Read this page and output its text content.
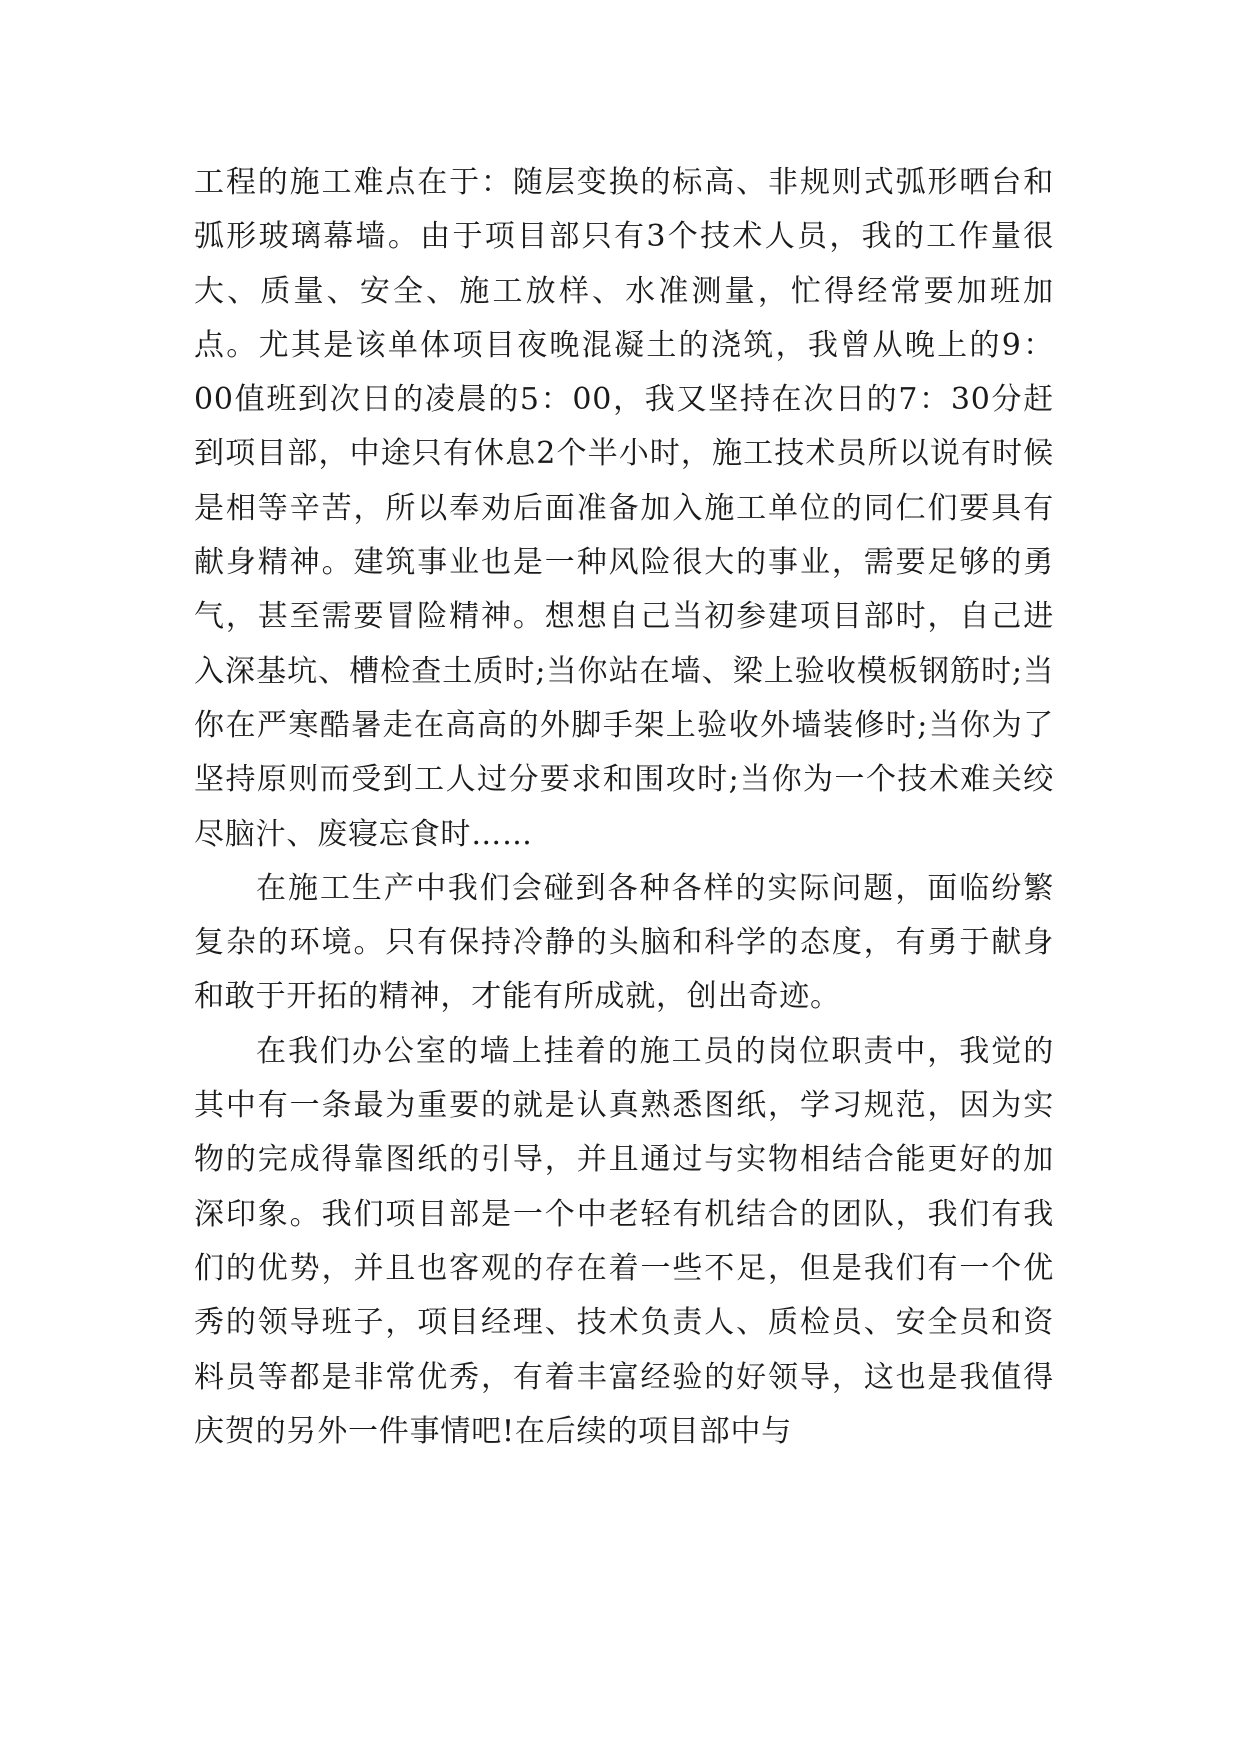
工程的施工难点在于：随层变换的标高、非规则式弧形晒台和弧形玻璃幕墙。由于项目部只有3个技术人员，我的工作量很大、质量、安全、施工放样、水准测量，忙得经常要加班加点。尤其是该单体项目夜晚混凝土的浇筑，我曾从晚上的9：00值班到次日的凌晨的5：00，我又坚持在次日的7：30分赶到项目部，中途只有休息2个半小时，施工技术员所以说有时候是相等辛苦，所以奉劝后面准备加入施工单位的同仁们要具有献身精神。建筑事业也是一种风险很大的事业，需要足够的勇气，甚至需要冒险精神。想想自己当初参建项目部时，自己进入深基坑、槽检查土质时;当你站在墙、梁上验收模板钢筋时;当你在严寒酷暑走在高高的外脚手架上验收外墙装修时;当你为了坚持原则而受到工人过分要求和围攻时;当你为一个技术难关绞尽脑汁、废寝忘食时……

在施工生产中我们会碰到各种各样的实际问题，面临纷繁复杂的环境。只有保持冷静的头脑和科学的态度，有勇于献身和敢于开拓的精神，才能有所成就，创出奇迹。

在我们办公室的墙上挂着的施工员的岗位职责中，我觉的其中有一条最为重要的就是认真熟悉图纸，学习规范，因为实物的完成得靠图纸的引导，并且通过与实物相结合能更好的加深印象。我们项目部是一个中老轻有机结合的团队，我们有我们的优势，并且也客观的存在着一些不足，但是我们有一个优秀的领导班子，项目经理、技术负责人、质检员、安全员和资料员等都是非常优秀，有着丰富经验的好领导，这也是我值得庆贺的另外一件事情吧!在后续的项目部中与
